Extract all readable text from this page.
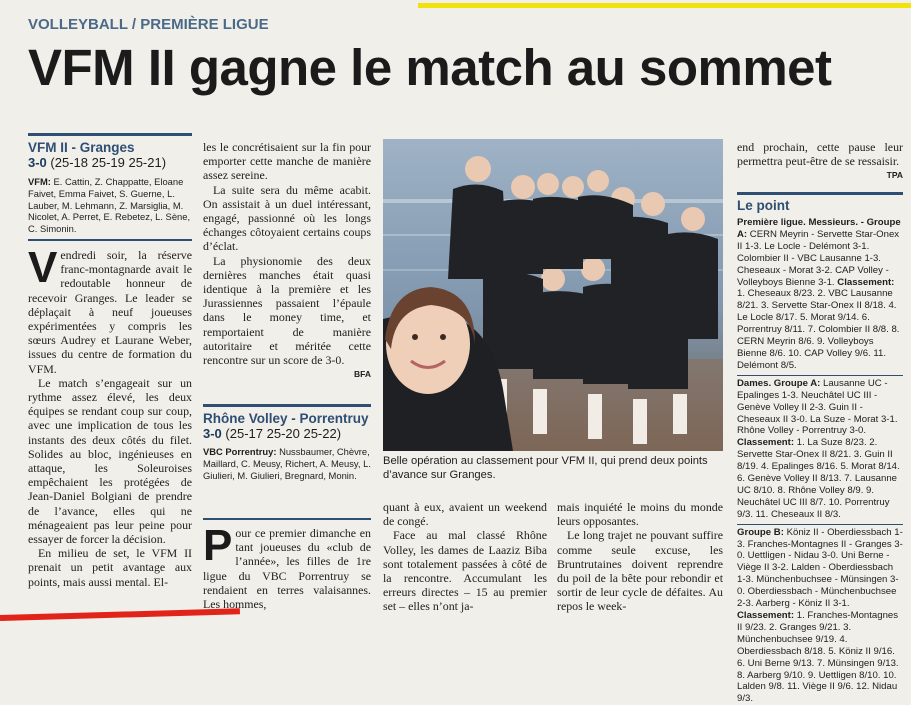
VOLLEYBALL / PREMIÈRE LIGUE
VFM II gagne le match au sommet
VFM II - Granges
3-0 (25-18 25-19 25-21)
VFM: E. Cattin, Z. Chappatte, Eloane Faivet, Emma Faivet, S. Guerne, L. Lauber, M. Lehmann, Z. Marsiglia, M. Nicolet, A. Perret, E. Rebetez, L. Sène, C. Simonin.

Vendredi soir, la réserve franc-montagnarde avait le redoutable honneur de recevoir Granges. Le leader se déplaçait à neuf joueuses expérimentées y compris les sœurs Audrey et Laurane Weber, issues du centre de formation du VFM.

Le match s’engageait sur un rythme assez élevé, les deux équipes se rendant coup sur coup, avec une implication de tous les instants des deux côtés du filet. Solides au bloc, ingénieuses en attaque, les Soleuroises empêchaient les protégées de Jean-Daniel Bolgiani de prendre de l’avance, elles qui ne ménageaient pas leur peine pour essayer de forcer la décision.

En milieu de set, le VFM II prenait un petit avantage aux points, mais aussi mental. El-

les le concrétisaient sur la fin pour emporter cette manche de manière assez sereine.

La suite sera du même acabit. On assistait à un duel intéressant, engagé, passionné où les longs échanges côtoyaient certains coups d’éclat.

La physionomie des deux dernières manches était quasi identique à la première et les Jurassiennes passaient l’épaule dans le money time, et remportaient de manière autoritaire et méritée cette rencontre sur un score de 3-0.

BFA
Rhône Volley - Porrentruy
3-0 (25-17 25-20 25-22)
VBC Porrentruy: Nussbaumer, Chèvre, Maillard, C. Meusy, Richert, A. Meusy, L. Giulieri, M. Giulieri, Bregnard, Monin.

Pour ce premier dimanche en tant joueuses du «club de l’année», les filles de 1re ligue du VBC Porrentruy se rendaient en terres valaisannes. Les hommes,

Belle opération au classement pour VFM II, qui prend deux points d’avance sur Granges.

quant à eux, avaient un weekend de congé.

Face au mal classé Rhône Volley, les dames de Laaziz Biba sont totalement passées à côté de la rencontre. Accumulant les erreurs directes – 15 au premier set – elles n’ont ja-

mais inquiété le moins du monde leurs opposantes.

Le long trajet ne pouvant suffire comme seule excuse, les Bruntrutaines doivent reprendre du poil de la bête pour rebondir et sortir de leur cycle de défaites. Au repos le week-

end prochain, cette pause leur permettra peut-être de se ressaisir.

TPA
Le point
Première ligue. Messieurs. - Groupe A: CERN Meyrin - Servette Star-Onex II 1-3. Le Locle - Delémont 3-1. Colombier II - VBC Lausanne 1-3. Cheseaux - Morat 3-2. CAP Volley - Volleyboys Bienne 3-1. Classement: 1. Cheseaux 8/23. 2. VBC Lausanne 8/21. 3. Servette Star-Onex II 8/18. 4. Le Locle 8/17. 5. Morat 9/14. 6. Porrentruy 8/11. 7. Colombier II 8/8. 8. CERN Meyrin 8/6. 9. Volleyboys Bienne 8/6. 10. CAP Volley 9/6. 11. Delémont 8/5.
Dames. Groupe A: Lausanne UC - Epalinges 1-3. Neuchâtel UC III - Genève Volley II 2-3. Guin II - Cheseaux II 3-0. La Suze - Morat 3-1. Rhône Volley - Porrentruy 3-0. Classement: 1. La Suze 8/23. 2. Servette Star-Onex II 8/21. 3. Guin II 8/19. 4. Epalinges 8/16. 5. Morat 8/14. 6. Genève Volley II 8/13. 7. Lausanne UC 8/10. 8. Rhône Volley 8/9. 9. Neuchâtel UC III 8/7. 10. Porrentruy 9/3. 11. Cheseaux II 8/3.
Groupe B: Köniz II - Oberdiessbach 1-3. Franches-Montagnes II - Granges 3-0. Uettligen - Nidau 3-0. Uni Berne - Viège II 3-2. Lalden - Oberdiessbach 1-3. Münchenbuchsee - Münsingen 3-0. Oberdiessbach - Münchenbuchsee 2-3. Aarberg - Köniz II 3-1. Classement: 1. Franches-Montagnes II 9/23. 2. Granges 9/21. 3. Münchenbuchsee 9/19. 4. Oberdiessbach 8/18. 5. Köniz II 9/16. 6. Uni Berne 9/13. 7. Münsingen 9/13. 8. Aarberg 9/10. 9. Uettligen 8/10. 10. Lalden 9/8. 11. Viège II 9/6. 12. Nidau 9/3.
